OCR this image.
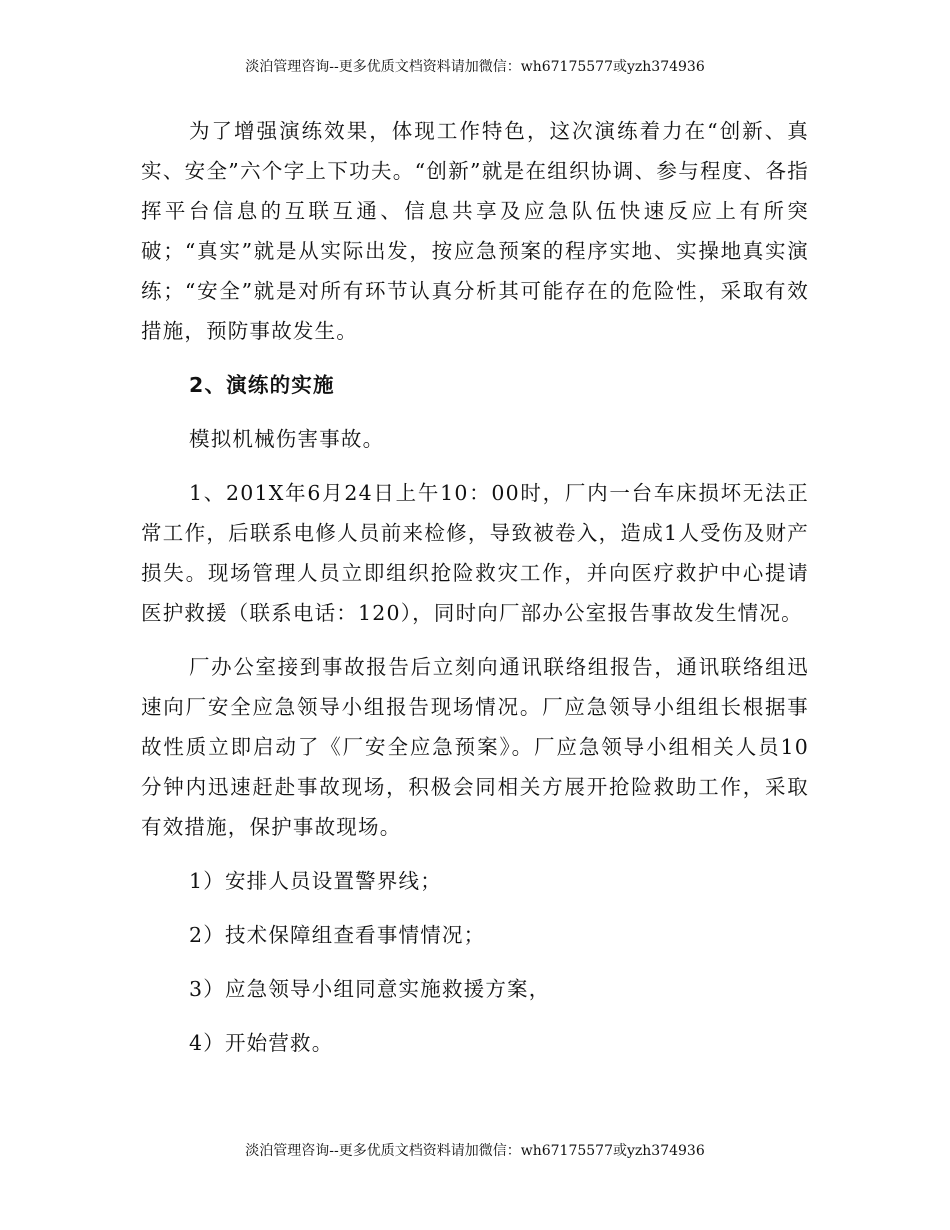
淡泊管理咨询--更多优质文档资料请加微信：wh67175577或yzh374936

为了增强演练效果，体现工作特色，这次演练着力在“创新、真实、安全”六个字上下功夫。“创新”就是在组织协调、参与程度、各指挥平台信息的互联互通、信息共享及应急队伍快速反应上有所突破；“真实”就是从实际出发，按应急预案的程序实地、实操地真实演练；“安全”就是对所有环节认真分析其可能存在的危险性，采取有效措施，预防事故发生。

2、演练的实施

模拟机械伤害事故。

1、201X年6月24日上午10：00时，厂内一台车床损坏无法正常工作，后联系电修人员前来检修，导致被卷入，造成1人受伤及财产损失。现场管理人员立即组织抢险救灾工作，并向医疗救护中心提请医护救援（联系电话：120），同时向厂部办公室报告事故发生情况。

厂办公室接到事故报告后立刻向通讯联络组报告，通讯联络组迅速向厂安全应急领导小组报告现场情况。厂应急领导小组组长根据事故性质立即启动了《厂安全应急预案》。厂应急领导小组相关人员10分钟内迅速赶赴事故现场，积极会同相关方展开抢险救助工作，采取有效措施，保护事故现场。

1）安排人员设置警界线；

2）技术保障组查看事情情况；

3）应急领导小组同意实施救援方案，

4）开始营救。

淡泊管理咨询--更多优质文档资料请加微信：wh67175577或yzh374936
